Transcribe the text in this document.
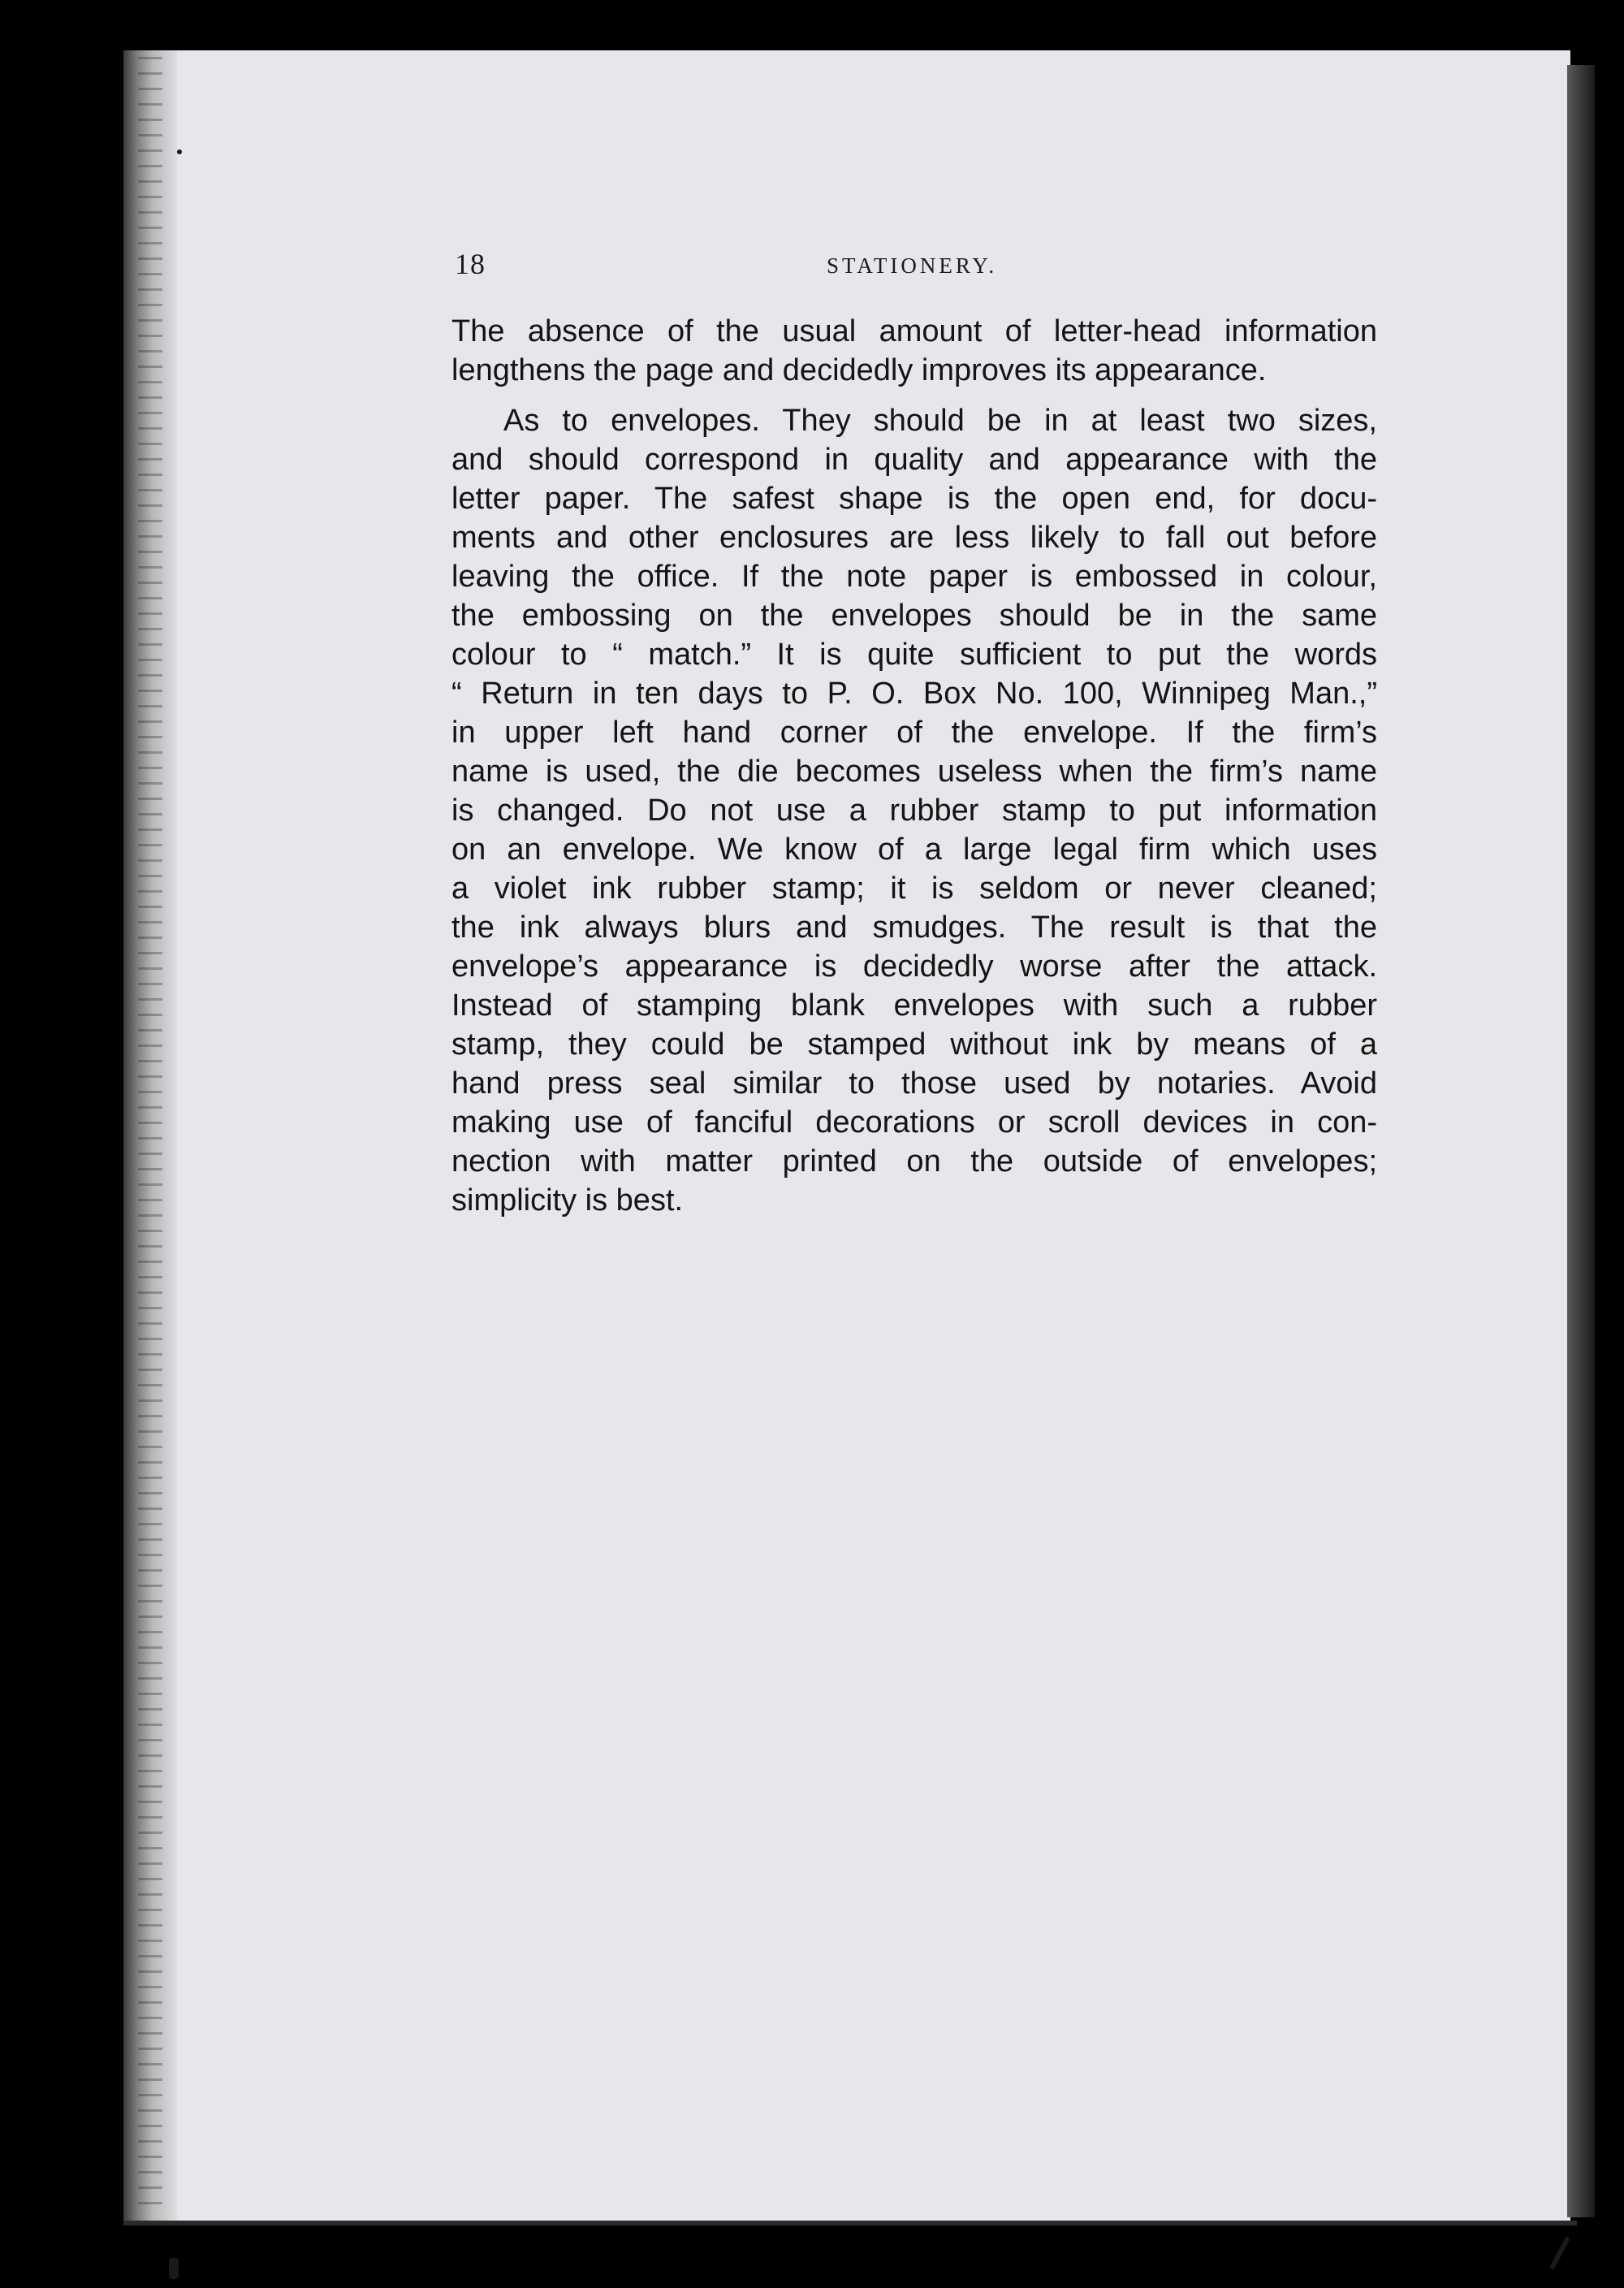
18	STATIONERY.
The absence of the usual amount of letter-head information
lengthens the page and decidedly improves its appearance.
As to envelopes. They should be in at least two sizes,
and should correspond in quality and appearance with the
letter paper. The safest shape is the open end, for docu-
ments and other enclosures are less likely to fall out before
leaving the office. If the note paper is embossed in colour,
the embossing on the envelopes should be in the same
colour to “ match.” It is quite sufficient to put the words
“ Return in ten days to P. O. Box No. 100, Winnipeg Man.,”
in upper left hand corner of the envelope. If the firm’s
name is used, the die becomes useless when the firm’s name
is changed. Do not use a rubber stamp to put information
on an envelope. We know of a large legal firm which uses
a violet ink rubber stamp; it is seldom or never cleaned;
the ink always blurs and smudges. The result is that the
envelope’s appearance is decidedly worse after the attack.
Instead of stamping blank envelopes with such a rubber
stamp, they could be stamped without ink by means of a
hand press seal similar to those used by notaries. Avoid
making use of fanciful decorations or scroll devices in con-
nection with matter printed on the outside of envelopes;
simplicity is best.
